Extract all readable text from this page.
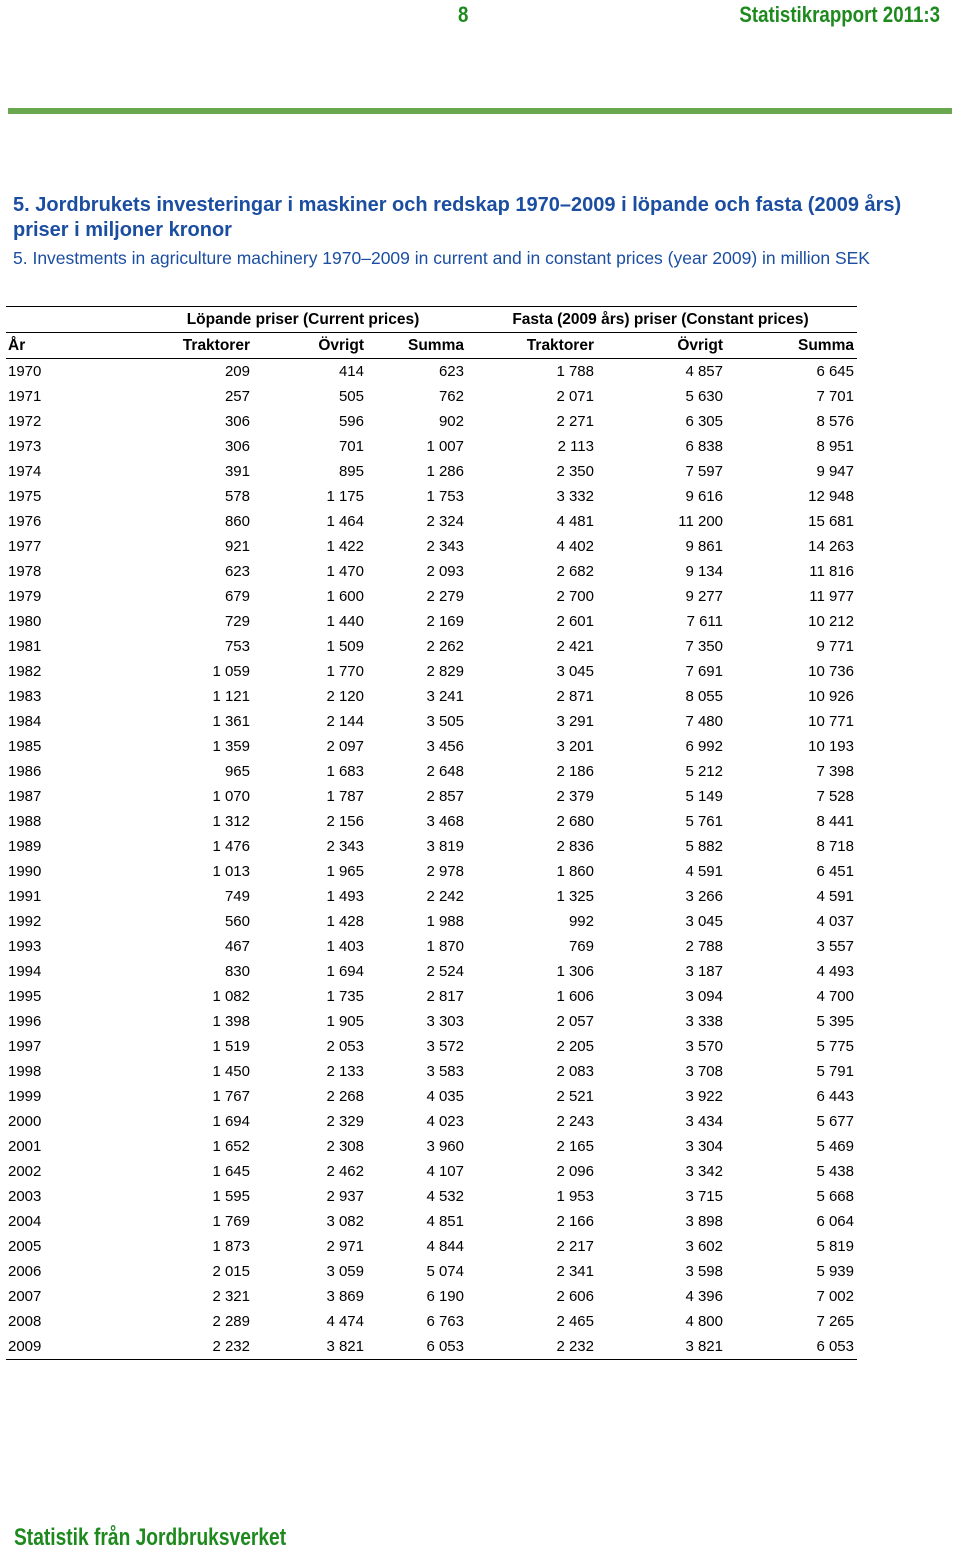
8	Statistikrapport 2011:3
5. Jordbrukets investeringar i maskiner och redskap 1970–2009 i löpande och fasta (2009 års) priser i miljoner kronor
5. Investments in agriculture machinery 1970–2009 in current and in constant prices (year 2009) in million SEK
	Löpande priser (Current prices)			Fasta (2009 års) priser (Constant prices)		
År	Traktorer	Övrigt	Summa	Traktorer	Övrigt	Summa
1970	209	414	623	1 788	4 857	6 645
1971	257	505	762	2 071	5 630	7 701
1972	306	596	902	2 271	6 305	8 576
1973	306	701	1 007	2 113	6 838	8 951
1974	391	895	1 286	2 350	7 597	9 947
1975	578	1 175	1 753	3 332	9 616	12 948
1976	860	1 464	2 324	4 481	11 200	15 681
1977	921	1 422	2 343	4 402	9 861	14 263
1978	623	1 470	2 093	2 682	9 134	11 816
1979	679	1 600	2 279	2 700	9 277	11 977
1980	729	1 440	2 169	2 601	7 611	10 212
1981	753	1 509	2 262	2 421	7 350	9 771
1982	1 059	1 770	2 829	3 045	7 691	10 736
1983	1 121	2 120	3 241	2 871	8 055	10 926
1984	1 361	2 144	3 505	3 291	7 480	10 771
1985	1 359	2 097	3 456	3 201	6 992	10 193
1986	965	1 683	2 648	2 186	5 212	7 398
1987	1 070	1 787	2 857	2 379	5 149	7 528
1988	1 312	2 156	3 468	2 680	5 761	8 441
1989	1 476	2 343	3 819	2 836	5 882	8 718
1990	1 013	1 965	2 978	1 860	4 591	6 451
1991	749	1 493	2 242	1 325	3 266	4 591
1992	560	1 428	1 988	992	3 045	4 037
1993	467	1 403	1 870	769	2 788	3 557
1994	830	1 694	2 524	1 306	3 187	4 493
1995	1 082	1 735	2 817	1 606	3 094	4 700
1996	1 398	1 905	3 303	2 057	3 338	5 395
1997	1 519	2 053	3 572	2 205	3 570	5 775
1998	1 450	2 133	3 583	2 083	3 708	5 791
1999	1 767	2 268	4 035	2 521	3 922	6 443
2000	1 694	2 329	4 023	2 243	3 434	5 677
2001	1 652	2 308	3 960	2 165	3 304	5 469
2002	1 645	2 462	4 107	2 096	3 342	5 438
2003	1 595	2 937	4 532	1 953	3 715	5 668
2004	1 769	3 082	4 851	2 166	3 898	6 064
2005	1 873	2 971	4 844	2 217	3 602	5 819
2006	2 015	3 059	5 074	2 341	3 598	5 939
2007	2 321	3 869	6 190	2 606	4 396	7 002
2008	2 289	4 474	6 763	2 465	4 800	7 265
2009	2 232	3 821	6 053	2 232	3 821	6 053
Statistik från Jordbruksverket
